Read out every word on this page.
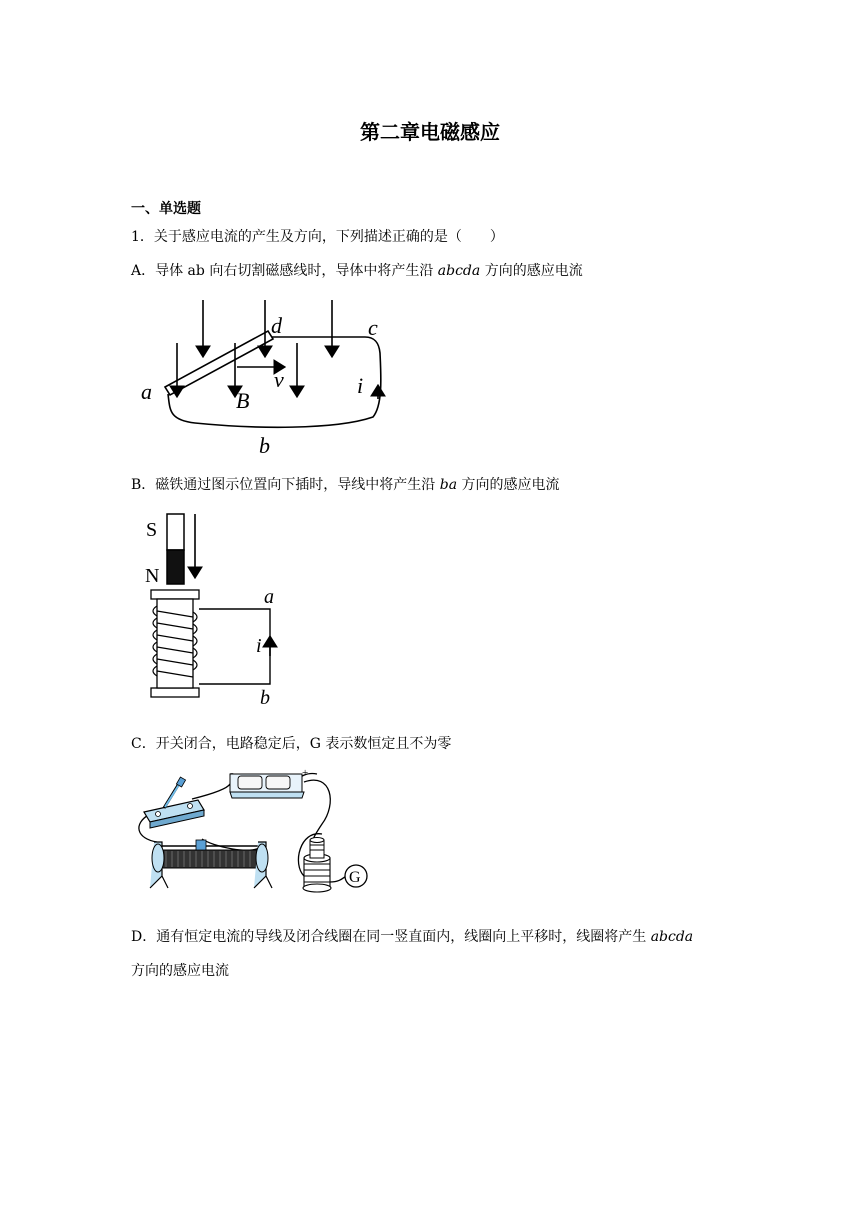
第二章电磁感应
一、单选题
1．关于感应电流的产生及方向，下列描述正确的是（　　）
A．导体 ab 向右切割磁感线时，导体中将产生沿 abcda 方向的感应电流
a
b
c
d
B
v	i
B．磁铁通过图示位置向下插时，导线中将产生沿 ba 方向的感应电流
S
N
a
i
b
C．开关闭合，电路稳定后，G 表示数恒定且不为零
-	+
G
D．通有恒定电流的导线及闭合线圈在同一竖直面内，线圈向上平移时，线圈将产生 abcda
方向的感应电流
